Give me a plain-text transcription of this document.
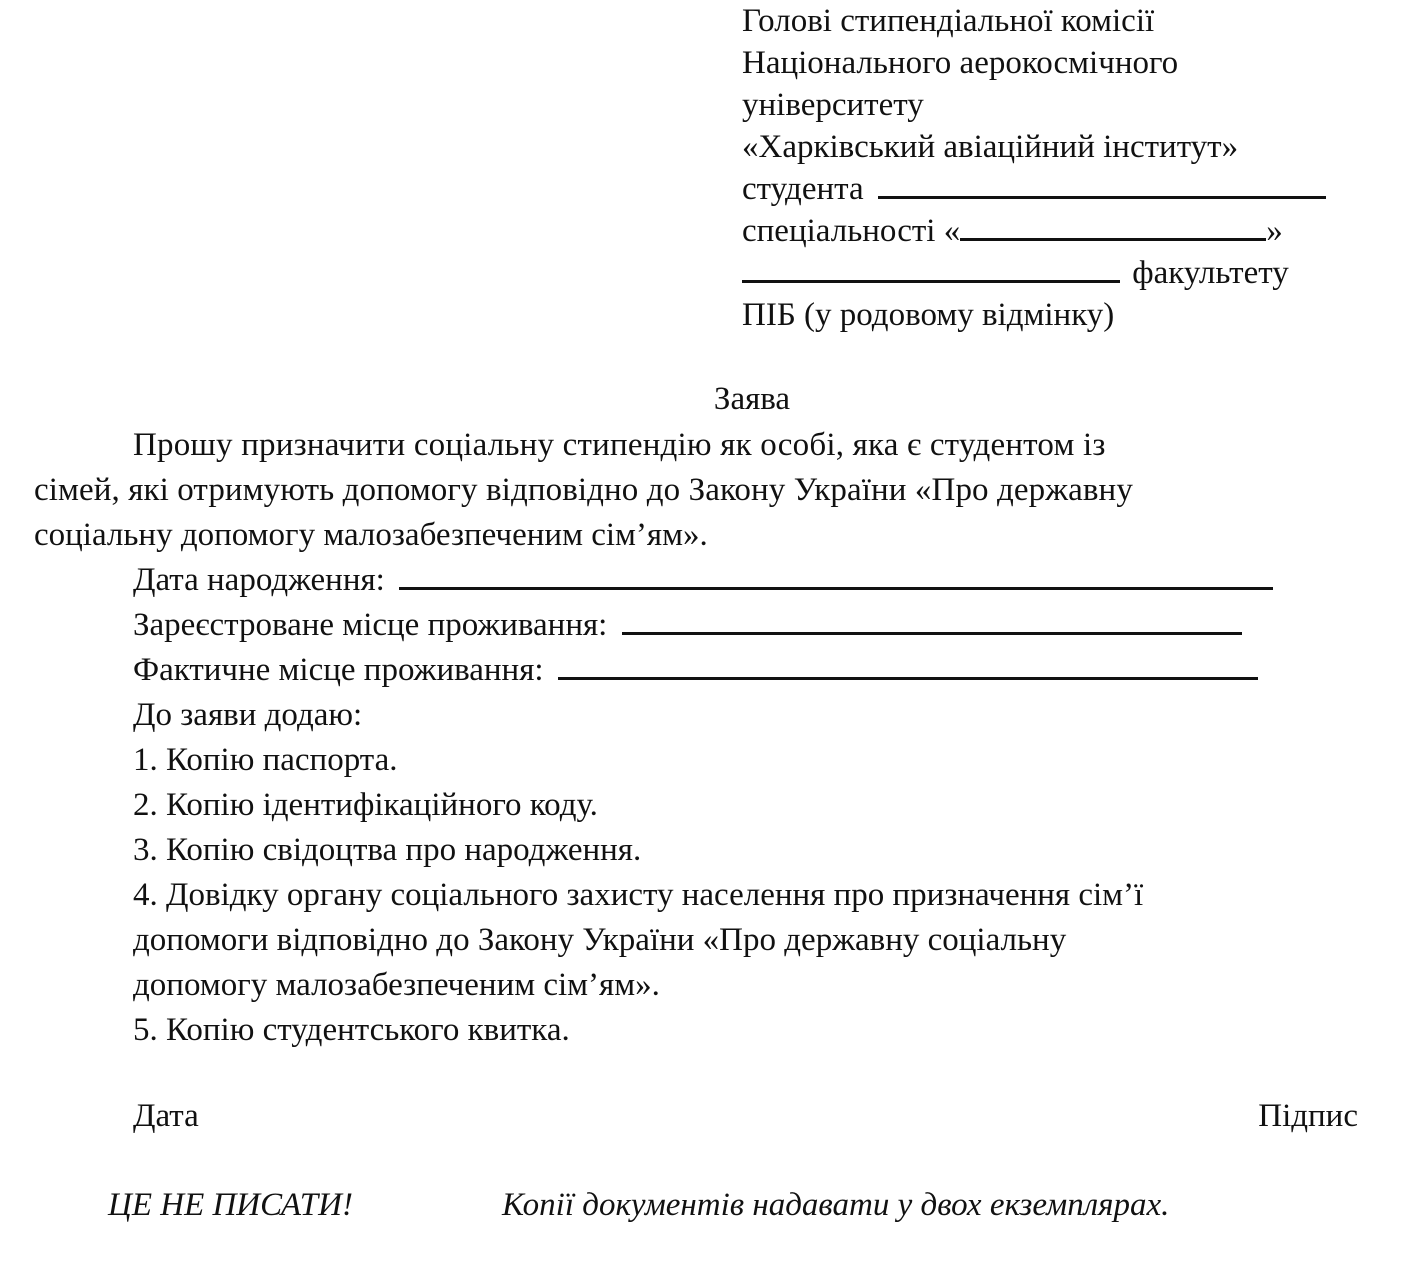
Голові стипендіальної комісії
Національного аерокосмічного
університету
«Харківський авіаційний інститут»
студента
спеціальності «	»
факультету
ПІБ (у родовому відмінку)
Заява
Прошу призначити соціальну стипендію як особі, яка є студентом із
сімей, які отримують допомогу відповідно до Закону України «Про державну
соціальну допомогу малозабезпеченим сім’ям».
Дата народження:
Зареєстроване місце проживання:
Фактичне місце проживання:
До заяви додаю:
1. Копію паспорта.
2. Копію ідентифікаційного коду.
3. Копію свідоцтва про народження.
4. Довідку органу соціального захисту населення про призначення сім’ї
допомоги відповідно до Закону України «Про державну соціальну
допомогу малозабезпеченим сім’ям».
5. Копію студентського квитка.
Дата	Підпис
ЦЕ НЕ ПИСАТИ!	Копії документів надавати у двох екземплярах.
